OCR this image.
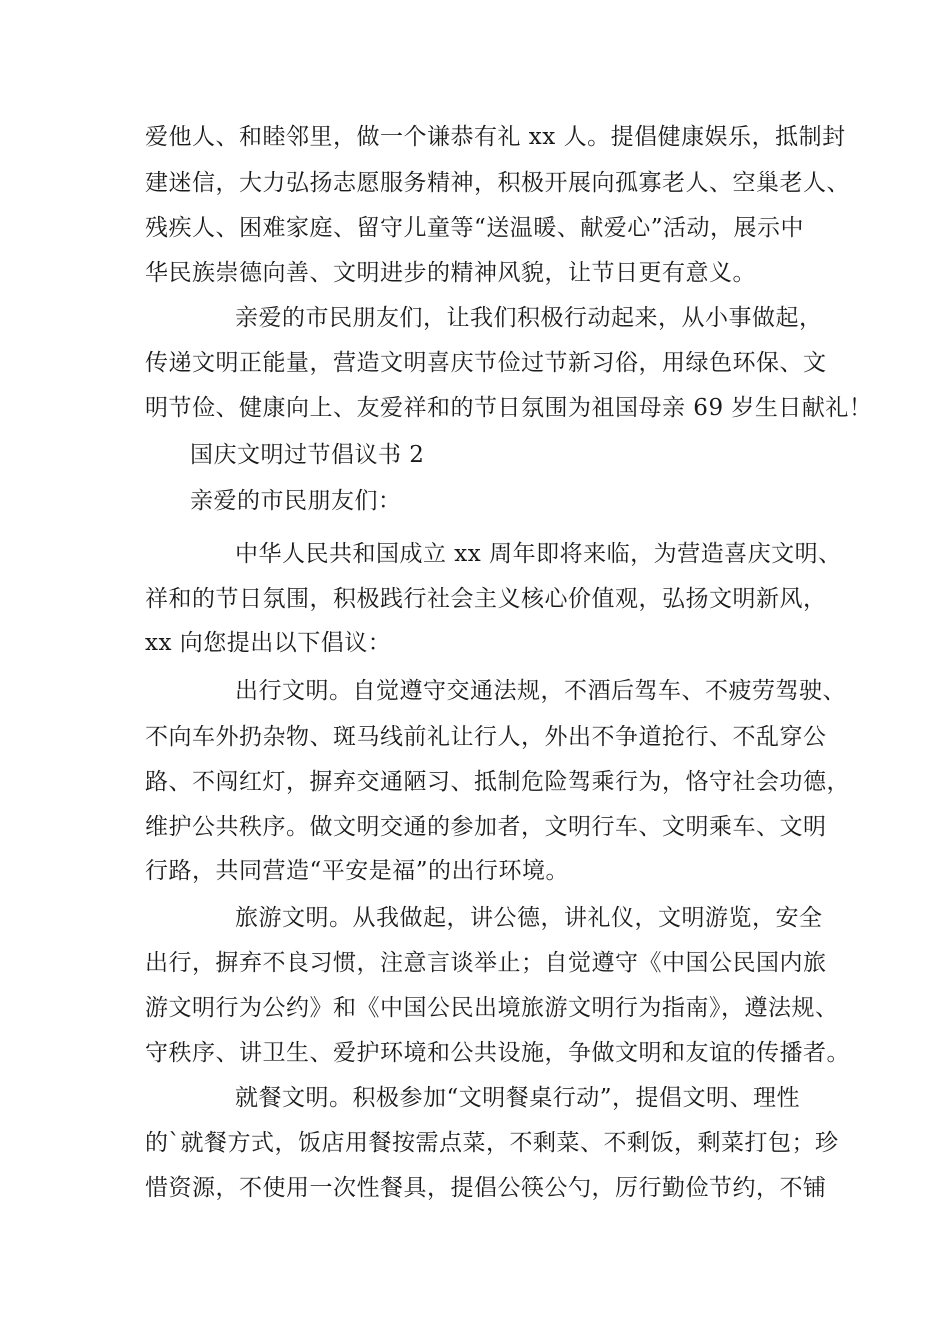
爱他人、和睦邻里，做一个谦恭有礼 xx 人。提倡健康娱乐，抵制封

建迷信，大力弘扬志愿服务精神，积极开展向孤寡老人、空巢老人、

残疾人、困难家庭、留守儿童等“送温暖、献爱心”活动，展示中

华民族崇德向善、文明进步的精神风貌，让节日更有意义。

亲爱的市民朋友们，让我们积极行动起来，从小事做起，

传递文明正能量，营造文明喜庆节俭过节新习俗，用绿色环保、文

明节俭、健康向上、友爱祥和的节日氛围为祖国母亲 69 岁生日献礼！

国庆文明过节倡议书 2

亲爱的市民朋友们：

中华人民共和国成立 xx 周年即将来临，为营造喜庆文明、

祥和的节日氛围，积极践行社会主义核心价值观，弘扬文明新风，

xx 向您提出以下倡议：

出行文明。自觉遵守交通法规，不酒后驾车、不疲劳驾驶、

不向车外扔杂物、斑马线前礼让行人，外出不争道抢行、不乱穿公

路、不闯红灯，摒弃交通陋习、抵制危险驾乘行为，恪守社会功德，

维护公共秩序。做文明交通的参加者，文明行车、文明乘车、文明

行路，共同营造“平安是福”的出行环境。

旅游文明。从我做起，讲公德，讲礼仪，文明游览，安全

出行，摒弃不良习惯，注意言谈举止；自觉遵守《中国公民国内旅

游文明行为公约》和《中国公民出境旅游文明行为指南》，遵法规、

守秩序、讲卫生、爱护环境和公共设施，争做文明和友谊的传播者。

就餐文明。积极参加“文明餐桌行动”，提倡文明、理性

的`就餐方式，饭店用餐按需点菜，不剩菜、不剩饭，剩菜打包；珍

惜资源，不使用一次性餐具，提倡公筷公勺，厉行勤俭节约，不铺
